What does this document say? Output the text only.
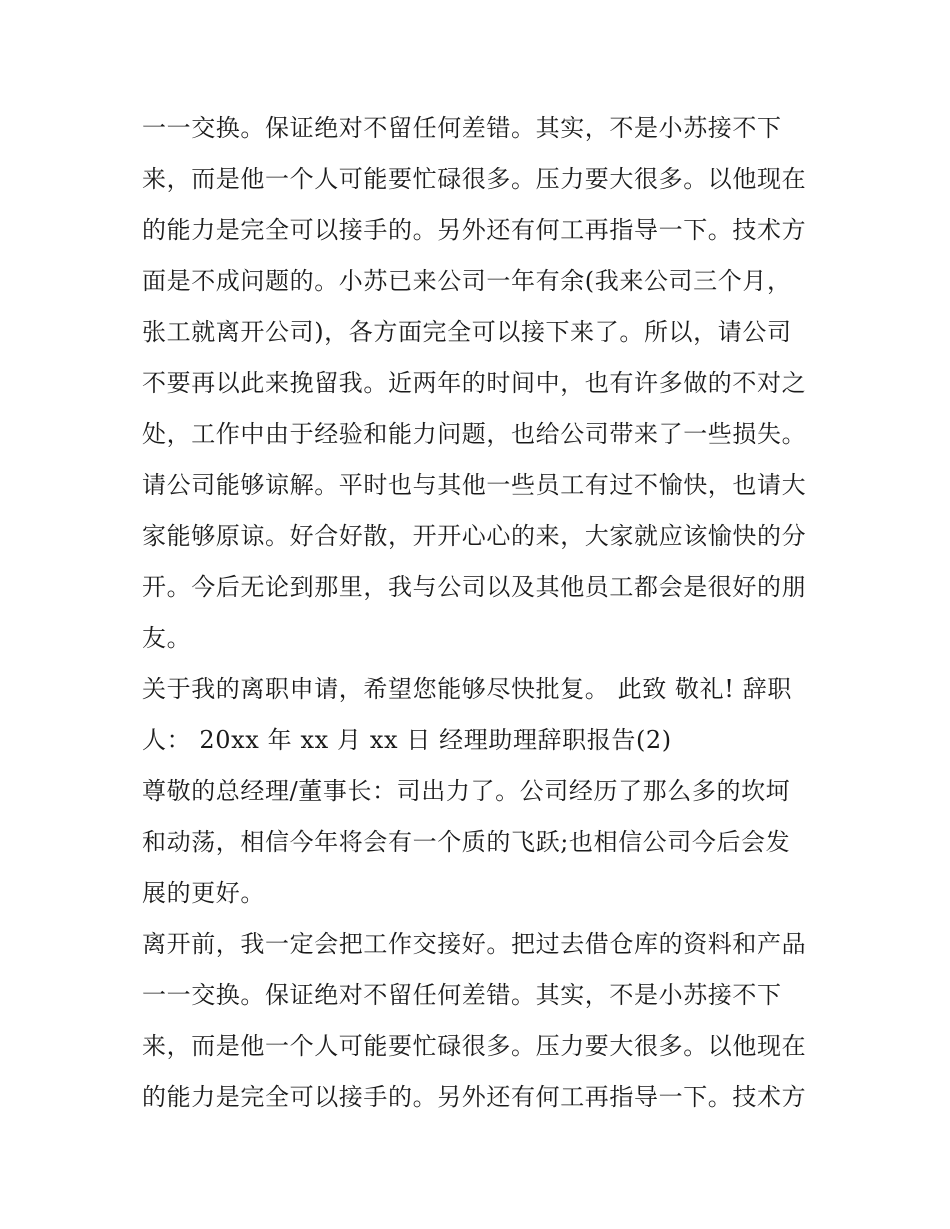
一一交换。保证绝对不留任何差错。其实，不是小苏接不下
来，而是他一个人可能要忙碌很多。压力要大很多。以他现在
的能力是完全可以接手的。另外还有何工再指导一下。技术方
面是不成问题的。小苏已来公司一年有余(我来公司三个月，
张工就离开公司)，各方面完全可以接下来了。所以，请公司
不要再以此来挽留我。近两年的时间中，也有许多做的不对之
处，工作中由于经验和能力问题，也给公司带来了一些损失。
请公司能够谅解。平时也与其他一些员工有过不愉快，也请大
家能够原谅。好合好散，开开心心的来，大家就应该愉快的分
开。今后无论到那里，我与公司以及其他员工都会是很好的朋
友。
关于我的离职申请，希望您能够尽快批复。 此致 敬礼! 辞职
人： 20xx 年 xx 月 xx 日 经理助理辞职报告(2)
尊敬的总经理/董事长：司出力了。公司经历了那么多的坎坷
和动荡，相信今年将会有一个质的飞跃;也相信公司今后会发
展的更好。
离开前，我一定会把工作交接好。把过去借仓库的资料和产品
一一交换。保证绝对不留任何差错。其实，不是小苏接不下
来，而是他一个人可能要忙碌很多。压力要大很多。以他现在
的能力是完全可以接手的。另外还有何工再指导一下。技术方
